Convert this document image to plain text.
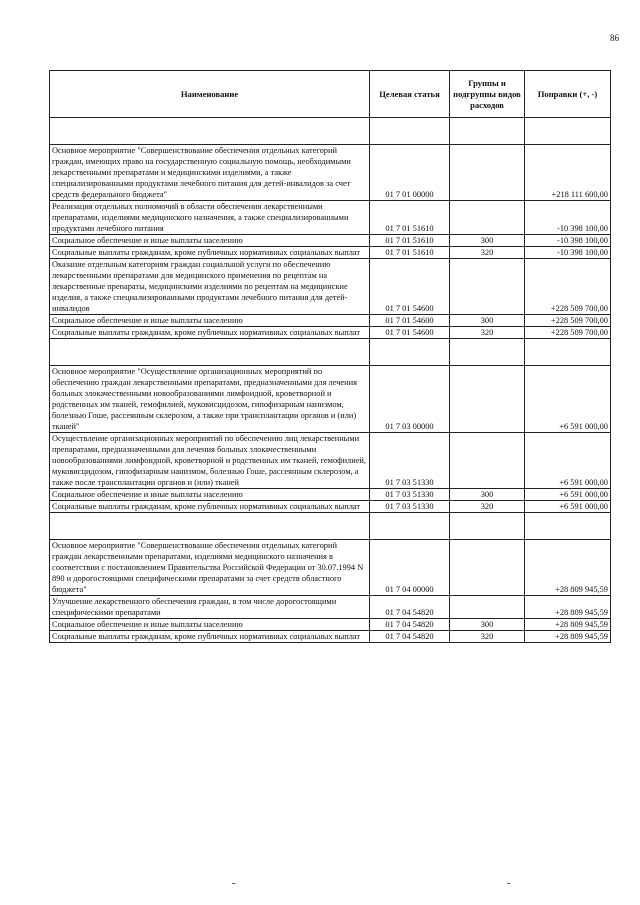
86
Наименование	Целевая статья	Группы и подгруппы видов расходов	Поправки (+, -)

Основное мероприятие "Совершенствование обеспечения отдельных категорий граждан, имеющих право на государственную социальную помощь, необходимыми лекарственными препаратами и медицинскими изделиями, а также специализированными продуктами лечебного питания для детей-инвалидов за счет средств федерального бюджета"	01 7 01 00000		+218 111 600,00
Реализация отдельных полномочий в области обеспечения лекарственными препаратами, изделиями медицинского назначения, а также специализированными продуктами лечебного питания	01 7 01 51610		-10 398 100,00
Социальное обеспечение и иные выплаты населению	01 7 01 51610	300	-10 398 100,00
Социальные выплаты гражданам, кроме публичных нормативных социальных выплат	01 7 01 51610	320	-10 398 100,00
Оказание отдельным категориям граждан социальной услуги по обеспечению лекарственными препаратами для медицинского применения по рецептам на лекарственные препараты, медицинскими изделиями по рецептам на медицинские изделия, а также специализированными продуктами лечебного питания для детей-инвалидов	01 7 01 54600		+228 509 700,00
Социальное обеспечение и иные выплаты населению	01 7 01 54600	300	+228 509 700,00
Социальные выплаты гражданам, кроме публичных нормативных социальных выплат	01 7 01 54600	320	+228 509 700,00

Основное мероприятие "Осуществление организационных мероприятий по обеспечению граждан лекарственными препаратами, предназначенными для лечения больных злокачественными новообразованиями лимфоидной, кроветворной и родственных им тканей, гемофилией, муковисцидозом, гипофизарным нанизмом, болезнью Гоше, рассеянным склерозом, а также при трансплантации органов и (или) тканей"	01 7 03 00000		+6 591 000,00
Осуществление организационных мероприятий по обеспечению лиц лекарственными препаратами, предназначенными для лечения больных злокачественными новообразованиями лимфоидной, кроветворной и родственных им тканей, гемофилией, муковисцидозом, гипофизарным нанизмом, болезнью Гоше, рассеянным склерозом, а также после трансплантации органов и (или) тканей	01 7 03 51330		+6 591 000,00
Социальное обеспечение и иные выплаты населению	01 7 03 51330	300	+6 591 000,00
Социальные выплаты гражданам, кроме публичных нормативных социальных выплат	01 7 03 51330	320	+6 591 000,00

Основное мероприятие "Совершенствование обеспечения отдельных категорий граждан лекарственными препаратами, изделиями медицинского назначения в соответствии с постановлением Правительства Российской Федерации от 30.07.1994 N 890 и дорогостоящими специфическими препаратами за счет средств областного бюджета"	01 7 04 00000		+28 809 945,59
Улучшение лекарственного обеспечения граждан, в том числе дорогостоящими специфическими препаратами	01 7 04 54820		+28 809 945,59
Социальное обеспечение и иные выплаты населению	01 7 04 54820	300	+28 809 945,59
Социальные выплаты гражданам, кроме публичных нормативных социальных выплат	01 7 04 54820	320	+28 809 945,59
-	-
